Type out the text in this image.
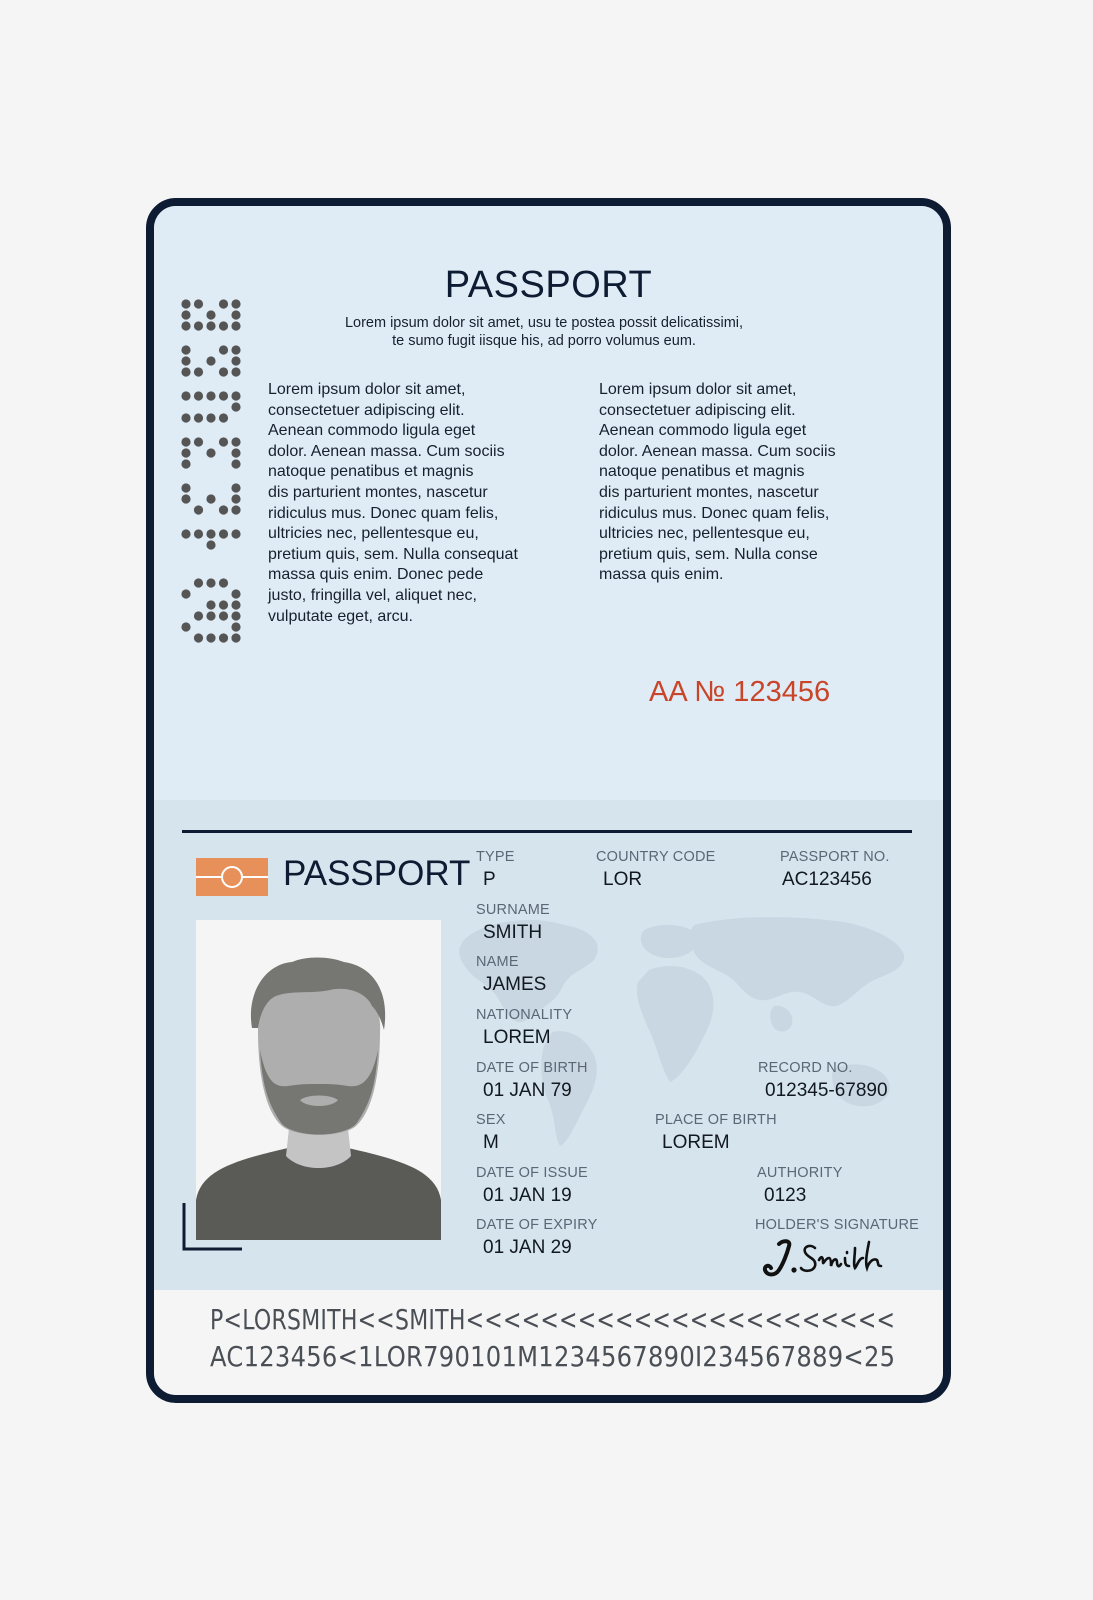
PASSPORT
Lorem ipsum dolor sit amet, usu te postea possit delicatissimi,
te sumo fugit iisque his, ad porro volumus eum.
Lorem ipsum dolor sit amet,
consectetuer adipiscing elit.
Aenean commodo ligula eget
dolor. Aenean massa. Cum sociis
natoque penatibus et magnis
dis parturient montes, nascetur
ridiculus mus. Donec quam felis,
ultricies nec, pellentesque eu,
pretium quis, sem. Nulla consequat
massa quis enim. Donec pede
justo, fringilla vel, aliquet nec,
vulputate eget, arcu.
Lorem ipsum dolor sit amet,
consectetuer adipiscing elit.
Aenean commodo ligula eget
dolor. Aenean massa. Cum sociis
natoque penatibus et magnis
dis parturient montes, nascetur
ridiculus mus. Donec quam felis,
ultricies nec, pellentesque eu,
pretium quis, sem. Nulla conse
massa quis enim.
AA № 123456
PASSPORT TYPE
P
COUNTRY CODE
LOR
PASSPORT NO.
AC123456
SURNAME
SMITH
NAME
JAMES
NATIONALITY
LOREM
DATE OF BIRTH
01 JAN 79
RECORD NO.
012345-67890
SEX
M
PLACE OF BIRTH
LOREM
DATE OF ISSUE
01 JAN 19
AUTHORITY
0123
DATE OF EXPIRY
01 JAN 29
HOLDER'S SIGNATURE
P<LORSMITH<<SMITH<<<<<<<<<<<<<<<<<<<<<<<
AC123456<1LOR790101M1234567890I234567889<25
